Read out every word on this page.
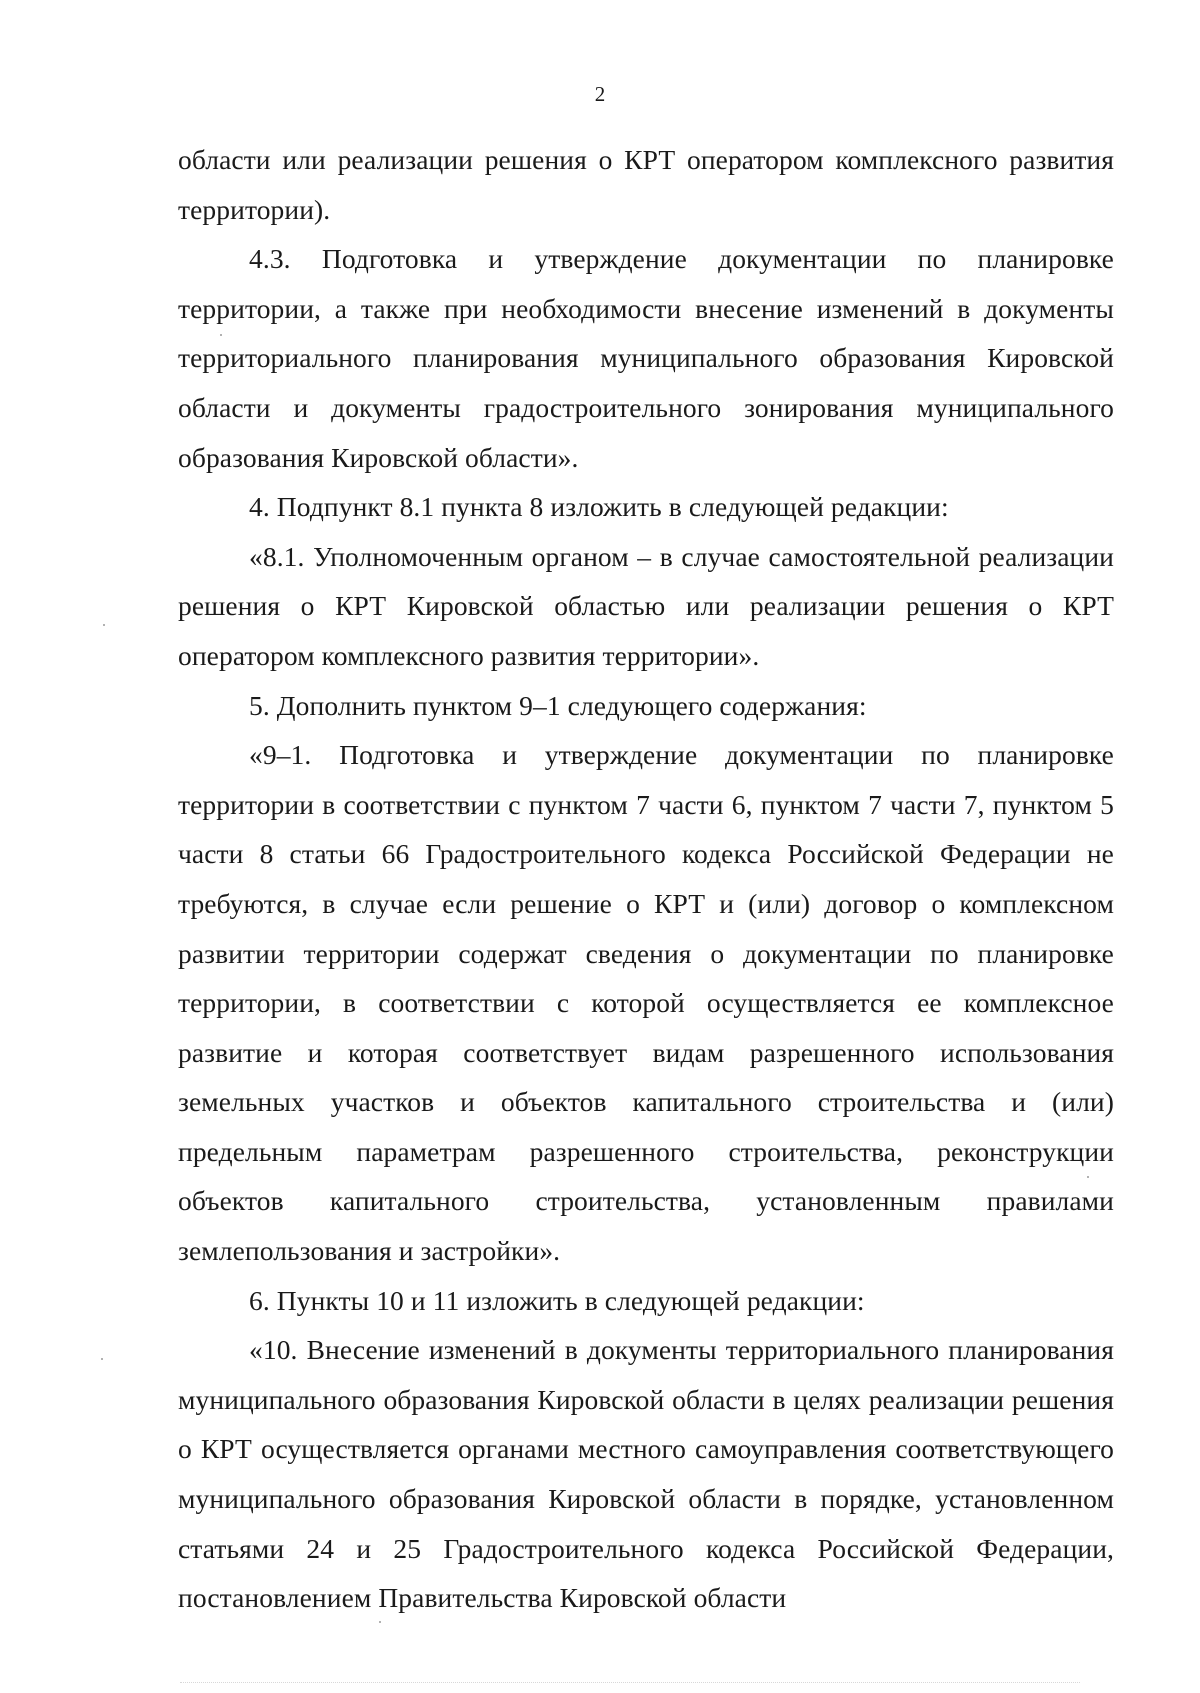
2

области или реализации решения о КРТ оператором комплексного развития территории).

4.3. Подготовка и утверждение документации по планировке территории, а также при необходимости внесение изменений в документы территориального планирования муниципального образования Кировской области и документы градостроительного зонирования муниципального образования Кировской области».

4. Подпункт 8.1 пункта 8 изложить в следующей редакции:

«8.1. Уполномоченным органом – в случае самостоятельной реализации решения о КРТ Кировской областью или реализации решения о КРТ оператором комплексного развития территории».

5. Дополнить пунктом 9–1 следующего содержания:

«9–1. Подготовка и утверждение документации по планировке территории в соответствии с пунктом 7 части 6, пунктом 7 части 7, пунктом 5 части 8 статьи 66 Градостроительного кодекса Российской Федерации не требуются, в случае если решение о КРТ и (или) договор о комплексном развитии территории содержат сведения о документации по планировке территории, в соответствии с которой осуществляется ее комплексное развитие и которая соответствует видам разрешенного использования земельных участков и объектов капитального строительства и (или) предельным параметрам разрешенного строительства, реконструкции объектов капитального строительства, установленным правилами землепользования и застройки».

6. Пункты 10 и 11 изложить в следующей редакции:

«10. Внесение изменений в документы территориального планирования муниципального образования Кировской области в целях реализации решения о КРТ осуществляется органами местного самоуправления соответствующего муниципального образования Кировской области в порядке, установленном статьями 24 и 25 Градостроительного кодекса Российской Федерации, постановлением Правительства Кировской области
